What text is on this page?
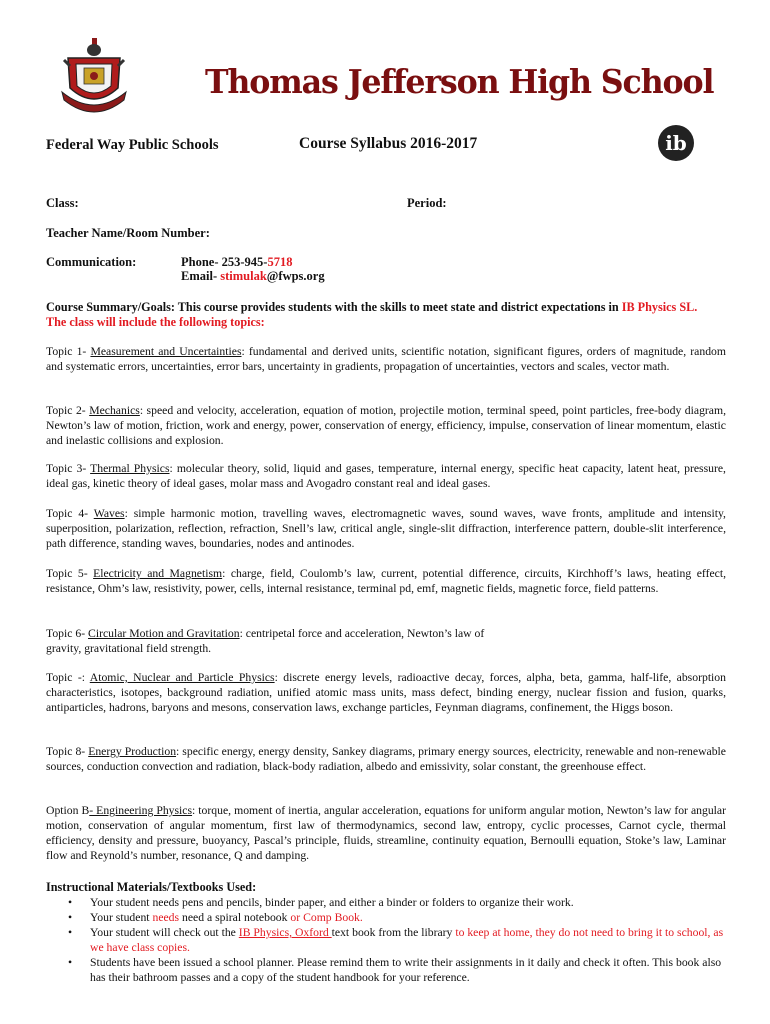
Thomas Jefferson High School
Federal Way Public Schools	Course Syllabus 2016-2017	ib
Class:	Period:
Teacher Name/Room Number:
Communication:	Phone- 253-945-5718
Email- stimulak@fwps.org
Course Summary/Goals: This course provides students with the skills to meet state and district expectations in IB Physics SL.
The class will include the following topics:

Topic 1- Measurement and Uncertainties: fundamental and derived units, scientific notation, significant figures, orders of magnitude, random and systematic errors, uncertainties, error bars, uncertainty in gradients, propagation of uncertainties, vectors and scales, vector math.

Topic 2- Mechanics: speed and velocity, acceleration, equation of motion, projectile motion, terminal speed, point particles, free-body diagram, Newton’s law of motion, friction, work and energy, power, conservation of energy, efficiency, impulse, conservation of linear momentum, elastic and inelastic collisions and explosion.

Topic 3- Thermal Physics: molecular theory, solid, liquid and gases, temperature, internal energy, specific heat capacity, latent heat, pressure, ideal gas, kinetic theory of ideal gases, molar mass and Avogadro constant real and ideal gases.

Topic 4- Waves: simple harmonic motion, travelling waves, electromagnetic waves, sound waves, wave fronts, amplitude and intensity, superposition, polarization, reflection, refraction, Snell’s law, critical angle, single-slit diffraction, interference pattern, double-slit interference, path difference, standing waves, boundaries, nodes and antinodes.

Topic 5- Electricity and Magnetism: charge, field, Coulomb’s law, current, potential difference, circuits, Kirchhoff’s laws, heating effect, resistance, Ohm’s law, resistivity, power, cells, internal resistance, terminal pd, emf, magnetic fields, magnetic force, field patterns.

Topic 6- Circular Motion and Gravitation: centripetal force and acceleration, Newton’s law of gravity, gravitational field strength.

Topic -: Atomic, Nuclear and Particle Physics: discrete energy levels, radioactive decay, forces, alpha, beta, gamma, half-life, absorption characteristics, isotopes, background radiation, unified atomic mass units, mass defect, binding energy, nuclear fission and fusion, quarks, antiparticles, hadrons, baryons and mesons, conservation laws, exchange particles, Feynman diagrams, confinement, the Higgs boson.

Topic 8- Energy Production: specific energy, energy density, Sankey diagrams, primary energy sources, electricity, renewable and non-renewable sources, conduction convection and radiation, black-body radiation, albedo and emissivity, solar constant, the greenhouse effect.

Option B- Engineering Physics: torque, moment of inertia, angular acceleration, equations for uniform angular motion, Newton’s law for angular motion, conservation of angular momentum, first law of thermodynamics, second law, entropy, cyclic processes, Carnot cycle, thermal efficiency, density and pressure, buoyancy, Pascal’s principle, fluids, streamline, continuity equation, Bernoulli equation, Stoke’s law, Laminar flow and Reynold’s number, resonance, Q and damping.

Instructional Materials/Textbooks Used:
• Your student needs pens and pencils, binder paper, and either a binder or folders to organize their work.
• Your student needs need a spiral notebook or Comp Book.
• Your student will check out the IB Physics, Oxford text book from the library to keep at home, they do not need to bring it to school, as we have class copies.
• Students have been issued a school planner. Please remind them to write their assignments in it daily and check it often. This book also has their bathroom passes and a copy of the student handbook for your reference.
